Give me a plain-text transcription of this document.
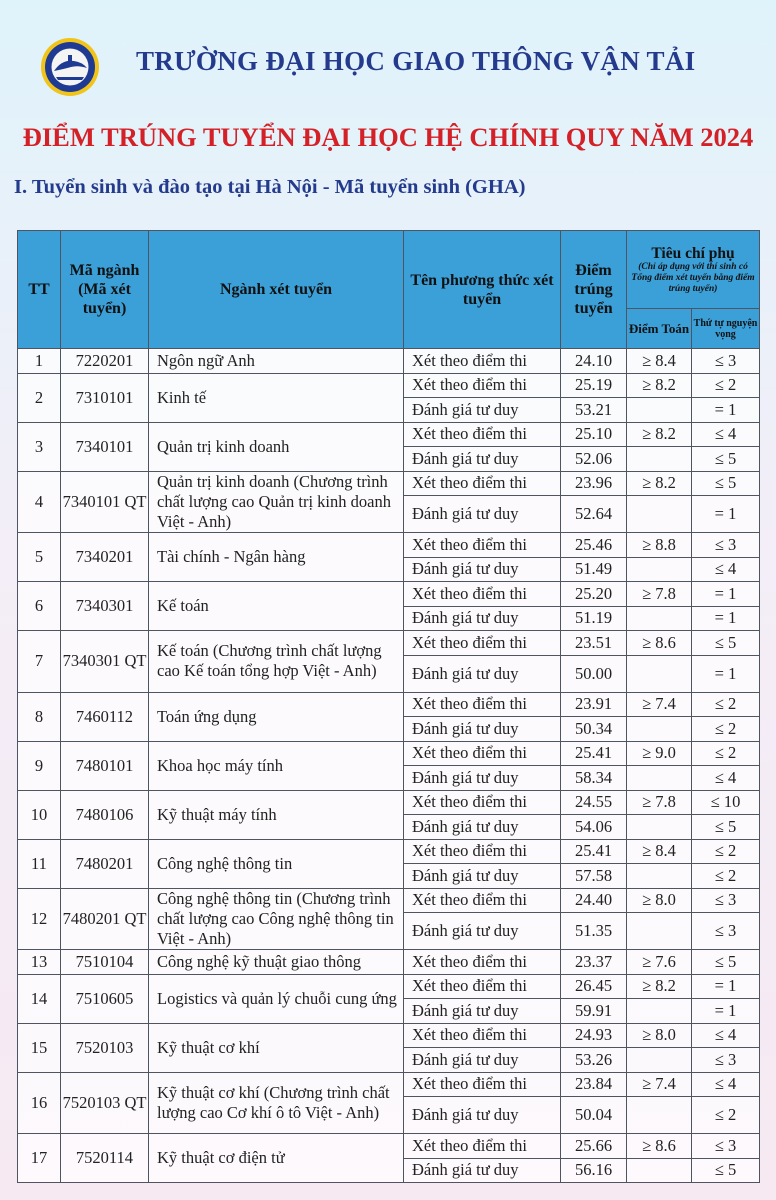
TRƯỜNG ĐẠI HỌC GIAO THÔNG VẬN TẢI
ĐIỂM TRÚNG TUYỂN ĐẠI HỌC HỆ CHÍNH QUY NĂM 2024
I. Tuyển sinh và đào tạo tại Hà Nội - Mã tuyển sinh (GHA)
TT	Mã ngành (Mã xét tuyển)	Ngành xét tuyển	Tên phương thức xét tuyển	Điểm trúng tuyển	Tiêu chí phụ
(Chỉ áp dụng với thí sinh có Tổng điểm xét tuyển bằng điểm trúng tuyển)	

					Điểm Toán	Thứ tự nguyện vọng
1	7220201	Ngôn ngữ Anh	Xét theo điểm thi	24.10	≥ 8.4	≤ 3
2	7310101	Kinh tế	Xét theo điểm thi	25.19	≥ 8.2	≤ 2
			Đánh giá tư duy	53.21		= 1
3	7340101	Quản trị kinh doanh	Xét theo điểm thi	25.10	≥ 8.2	≤ 4
			Đánh giá tư duy	52.06		≤ 5
4	7340101 QT	Quản trị kinh doanh (Chương trình chất lượng cao Quản trị kinh doanh Việt - Anh)	Xét theo điểm thi	23.96	≥ 8.2	≤ 5
			Đánh giá tư duy	52.64		= 1
5	7340201	Tài chính - Ngân hàng	Xét theo điểm thi	25.46	≥ 8.8	≤ 3
			Đánh giá tư duy	51.49		≤ 4
6	7340301	Kế toán	Xét theo điểm thi	25.20	≥ 7.8	= 1
			Đánh giá tư duy	51.19		= 1
7	7340301 QT	Kế toán (Chương trình chất lượng cao Kế toán tổng hợp Việt - Anh)	Xét theo điểm thi	23.51	≥ 8.6	≤ 5
			Đánh giá tư duy	50.00		= 1
8	7460112	Toán ứng dụng	Xét theo điểm thi	23.91	≥ 7.4	≤ 2
			Đánh giá tư duy	50.34		≤ 2
9	7480101	Khoa học máy tính	Xét theo điểm thi	25.41	≥ 9.0	≤ 2
			Đánh giá tư duy	58.34		≤ 4
10	7480106	Kỹ thuật máy tính	Xét theo điểm thi	24.55	≥ 7.8	≤ 10
			Đánh giá tư duy	54.06		≤ 5
11	7480201	Công nghệ thông tin	Xét theo điểm thi	25.41	≥ 8.4	≤ 2
			Đánh giá tư duy	57.58		≤ 2
12	7480201 QT	Công nghệ thông tin (Chương trình chất lượng cao Công nghệ thông tin Việt - Anh)	Xét theo điểm thi	24.40	≥ 8.0	≤ 3
			Đánh giá tư duy	51.35		≤ 3
13	7510104	Công nghệ kỹ thuật giao thông	Xét theo điểm thi	23.37	≥ 7.6	≤ 5
14	7510605	Logistics và quản lý chuỗi cung ứng	Xét theo điểm thi	26.45	≥ 8.2	= 1
			Đánh giá tư duy	59.91		= 1
15	7520103	Kỹ thuật cơ khí	Xét theo điểm thi	24.93	≥ 8.0	≤ 4
			Đánh giá tư duy	53.26		≤ 3
16	7520103 QT	Kỹ thuật cơ khí (Chương trình chất lượng cao Cơ khí ô tô Việt - Anh)	Xét theo điểm thi	23.84	≥ 7.4	≤ 4
			Đánh giá tư duy	50.04		≤ 2
17	7520114	Kỹ thuật cơ điện tử	Xét theo điểm thi	25.66	≥ 8.6	≤ 3
			Đánh giá tư duy	56.16		≤ 5
